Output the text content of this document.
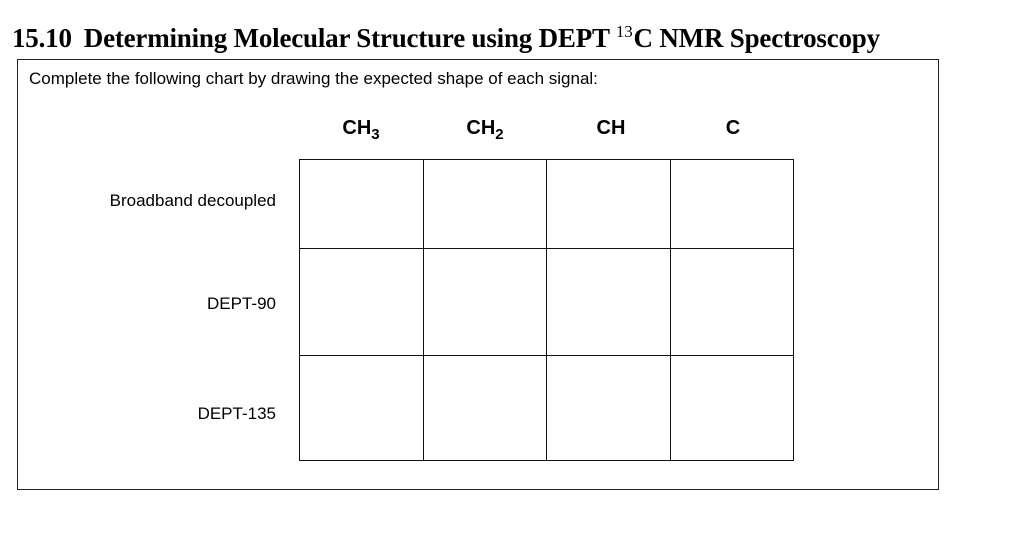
15.10 Determining Molecular Structure using DEPT $^{13}$C NMR Spectroscopy
Complete the following chart by drawing the expected shape of each signal:
$CH_3$	$CH_2$	CH	C
Broadband decoupled
DEPT-90
DEPT-135
